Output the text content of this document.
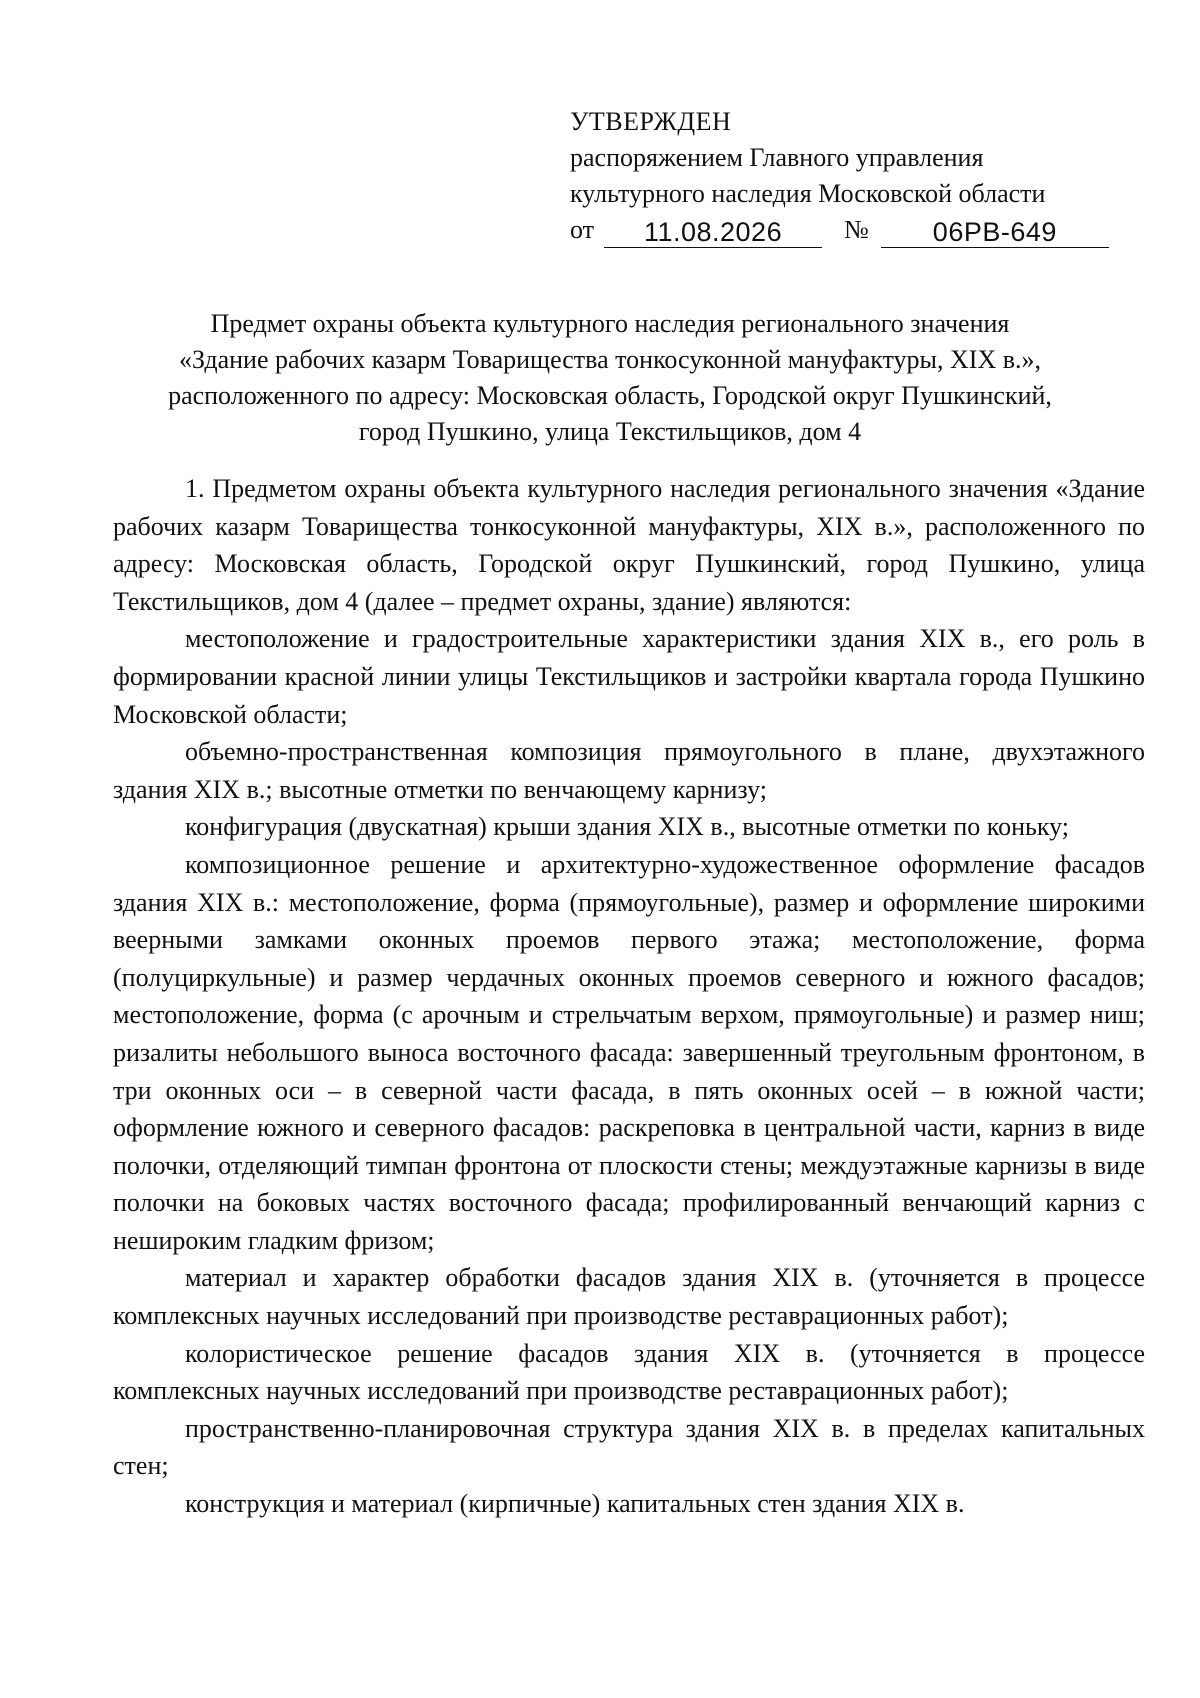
УТВЕРЖДЕН
распоряжением Главного управления
культурного наследия Московской области
от	11.08.2026	№	06РВ-649
Предмет охраны объекта культурного наследия регионального значения
«Здание рабочих казарм Товарищества тонкосуконной мануфактуры, XIX в.»,
расположенного по адресу: Московская область, Городской округ Пушкинский,
город Пушкино, улица Текстильщиков, дом 4

1. Предметом охраны объекта культурного наследия регионального значения «Здание рабочих казарм Товарищества тонкосуконной мануфактуры, XIX в.», расположенного по адресу: Московская область, Городской округ Пушкинский, город Пушкино, улица Текстильщиков, дом 4 (далее – предмет охраны, здание) являются:

местоположение и градостроительные характеристики здания XIX в., его роль в формировании красной линии улицы Текстильщиков и застройки квартала города Пушкино Московской области;

объемно-пространственная композиция прямоугольного в плане, двухэтажного здания XIX в.; высотные отметки по венчающему карнизу;

конфигурация (двускатная) крыши здания XIX в., высотные отметки по коньку;

композиционное решение и архитектурно-художественное оформление фасадов здания XIX в.: местоположение, форма (прямоугольные), размер и оформление широкими веерными замками оконных проемов первого этажа; местоположение, форма (полуциркульные) и размер чердачных оконных проемов северного и южного фасадов; местоположение, форма (с арочным и стрельчатым верхом, прямоугольные) и размер ниш; ризалиты небольшого выноса восточного фасада: завершенный треугольным фронтоном, в три оконных оси – в северной части фасада, в пять оконных осей – в южной части; оформление южного и северного фасадов: раскреповка в центральной части, карниз в виде полочки, отделяющий тимпан фронтона от плоскости стены; междуэтажные карнизы в виде полочки на боковых частях восточного фасада; профилированный венчающий карниз с нешироким гладким фризом;

материал и характер обработки фасадов здания XIX в. (уточняется в процессе комплексных научных исследований при производстве реставрационных работ);

колористическое решение фасадов здания XIX в. (уточняется в процессе комплексных научных исследований при производстве реставрационных работ);

пространственно-планировочная структура здания XIX в. в пределах капитальных стен;

конструкция и материал (кирпичные) капитальных стен здания XIX в.
